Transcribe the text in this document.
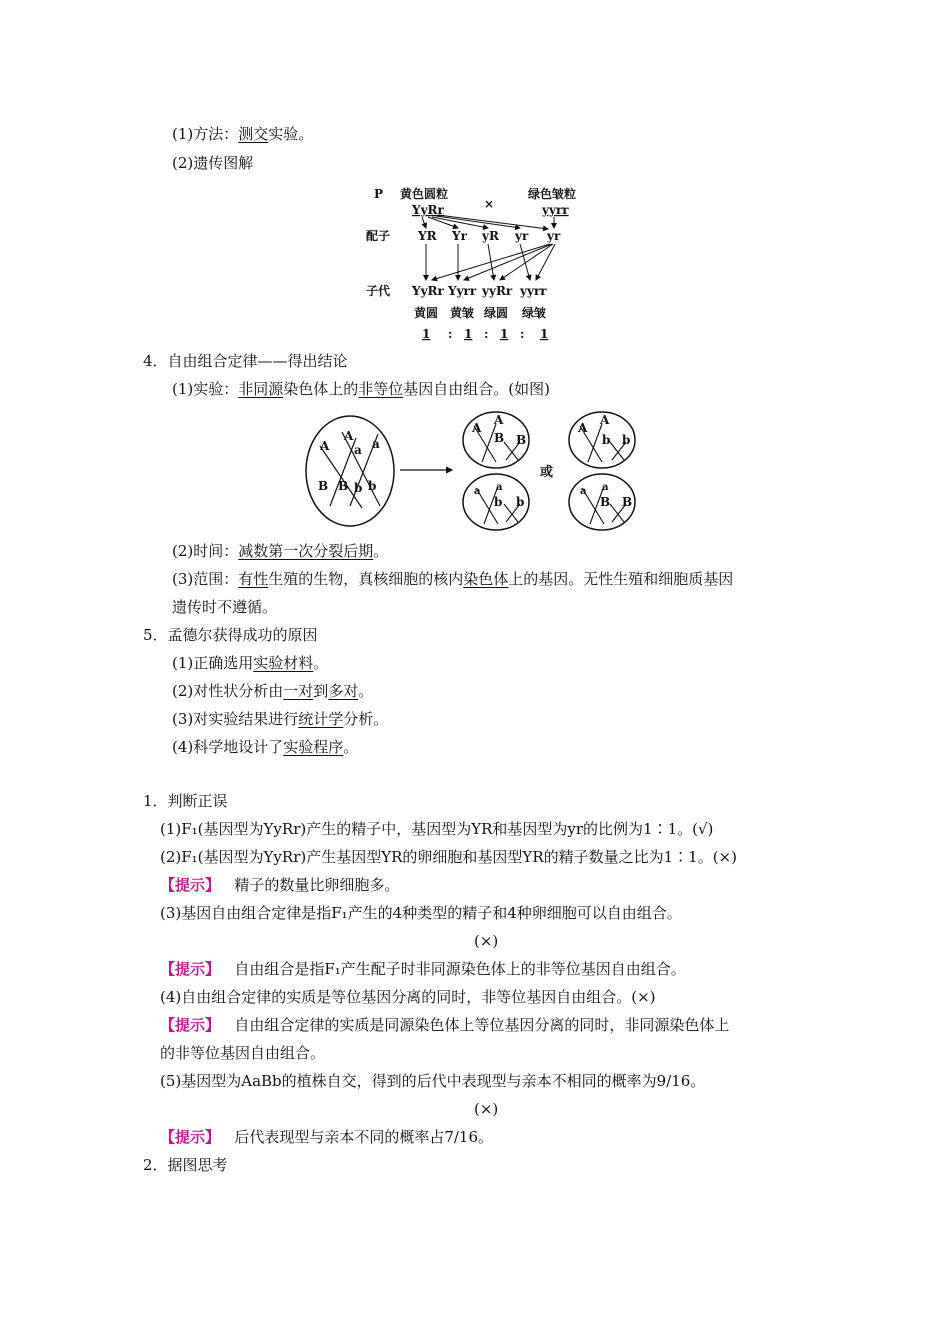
(1)方法：测交实验。
(2)遗传图解
P 黄色圆粒
×
绿色皱粒
YyRr	yyrr
配子 YR Yr yR yr yr
子代 YyRr Yyrr yyRr yyrr
黄圆 黄皱 绿圆 绿皱
1 : 1 : 1 : 1
4．自由组合定律——得出结论
(1)实验：非同源染色体上的非等位基因自由组合。(如图)
A
A
a a
B B b b
A
A
B B
a a
b b
或
A
A
b b
a a
B B
(2)时间：减数第一次分裂后期。
(3)范围：有性生殖的生物，真核细胞的核内染色体上的基因。无性生殖和细胞质基因
遗传时不遵循。
5．孟德尔获得成功的原因
(1)正确选用实验材料。
(2)对性状分析由一对到多对。
(3)对实验结果进行统计学分析。
(4)科学地设计了实验程序。
1．判断正误
(1)F₁(基因型为YyRr)产生的精子中，基因型为YR和基因型为yr的比例为1∶1。(√)
(2)F₁(基因型为YyRr)产生基因型YR的卵细胞和基因型YR的精子数量之比为1∶1。(×)
【提示】 精子的数量比卵细胞多。
(3)基因自由组合定律是指F₁产生的4种类型的精子和4种卵细胞可以自由组合。
(×)
【提示】 自由组合是指F₁产生配子时非同源染色体上的非等位基因自由组合。
(4)自由组合定律的实质是等位基因分离的同时，非等位基因自由组合。(×)
【提示】 自由组合定律的实质是同源染色体上等位基因分离的同时，非同源染色体上
的非等位基因自由组合。
(5)基因型为AaBb的植株自交，得到的后代中表现型与亲本不相同的概率为9/16。
(×)
【提示】 后代表现型与亲本不同的概率占7/16。
2．据图思考
